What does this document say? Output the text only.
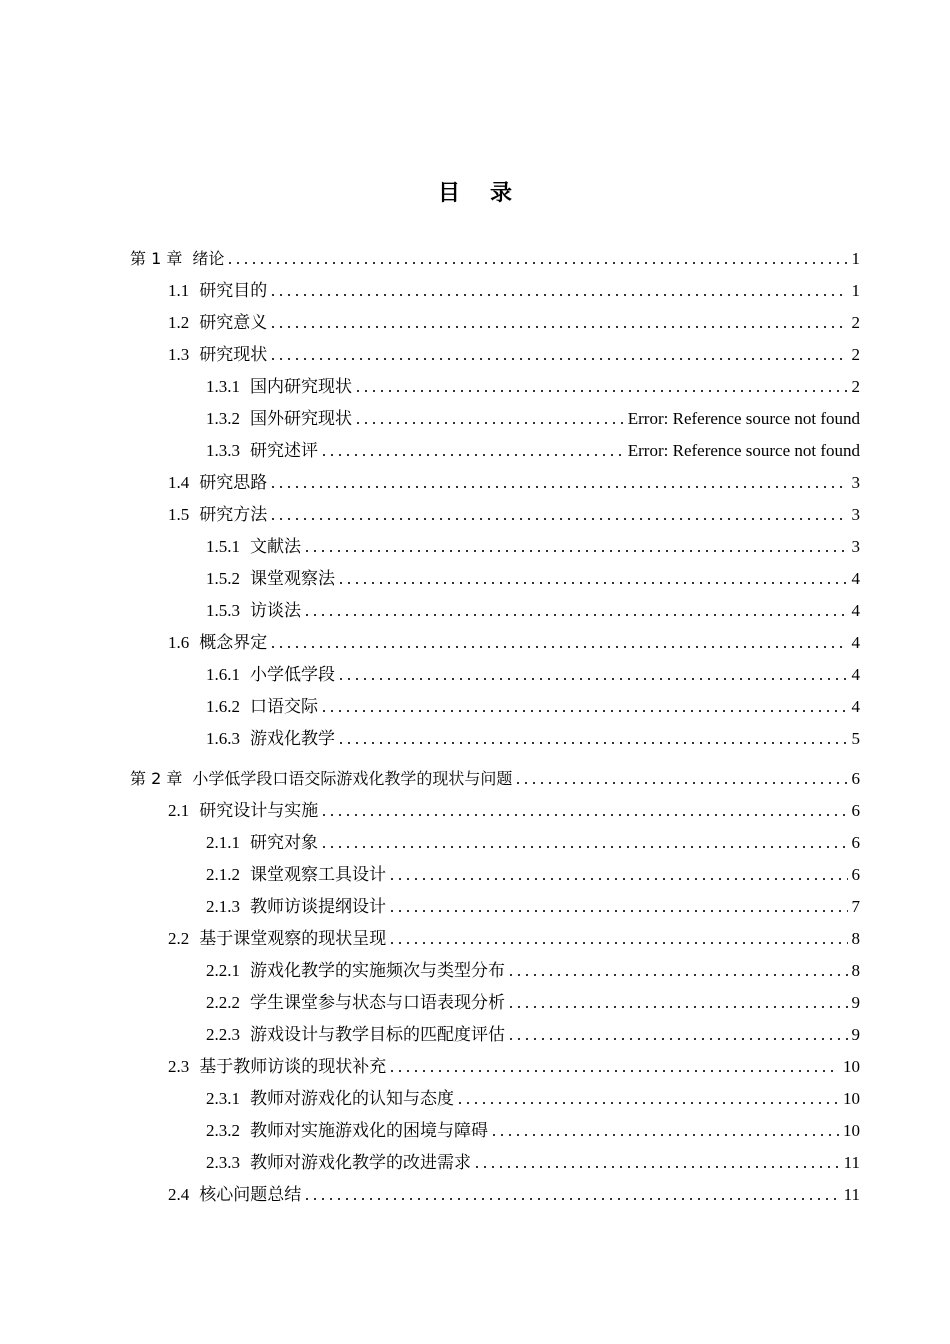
目 录
第 1 章 绪论	1
1.1 研究目的	1
1.2 研究意义	2
1.3 研究现状	2
1.3.1 国内研究现状	2
1.3.2 国外研究现状	Error: Reference source not found
1.3.3 研究述评	Error: Reference source not found
1.4 研究思路	3
1.5 研究方法	3
1.5.1 文献法	3
1.5.2 课堂观察法	4
1.5.3 访谈法	4
1.6 概念界定	4
1.6.1 小学低学段	4
1.6.2 口语交际	4
1.6.3 游戏化教学	5
第 2 章 小学低学段口语交际游戏化教学的现状与问题	6
2.1 研究设计与实施	6
2.1.1 研究对象	6
2.1.2 课堂观察工具设计	6
2.1.3 教师访谈提纲设计	7
2.2 基于课堂观察的现状呈现	8
2.2.1 游戏化教学的实施频次与类型分布	8
2.2.2 学生课堂参与状态与口语表现分析	9
2.2.3 游戏设计与教学目标的匹配度评估	9
2.3 基于教师访谈的现状补充	10
2.3.1 教师对游戏化的认知与态度	10
2.3.2 教师对实施游戏化的困境与障碍	10
2.3.3 教师对游戏化教学的改进需求	11
2.4 核心问题总结	11
